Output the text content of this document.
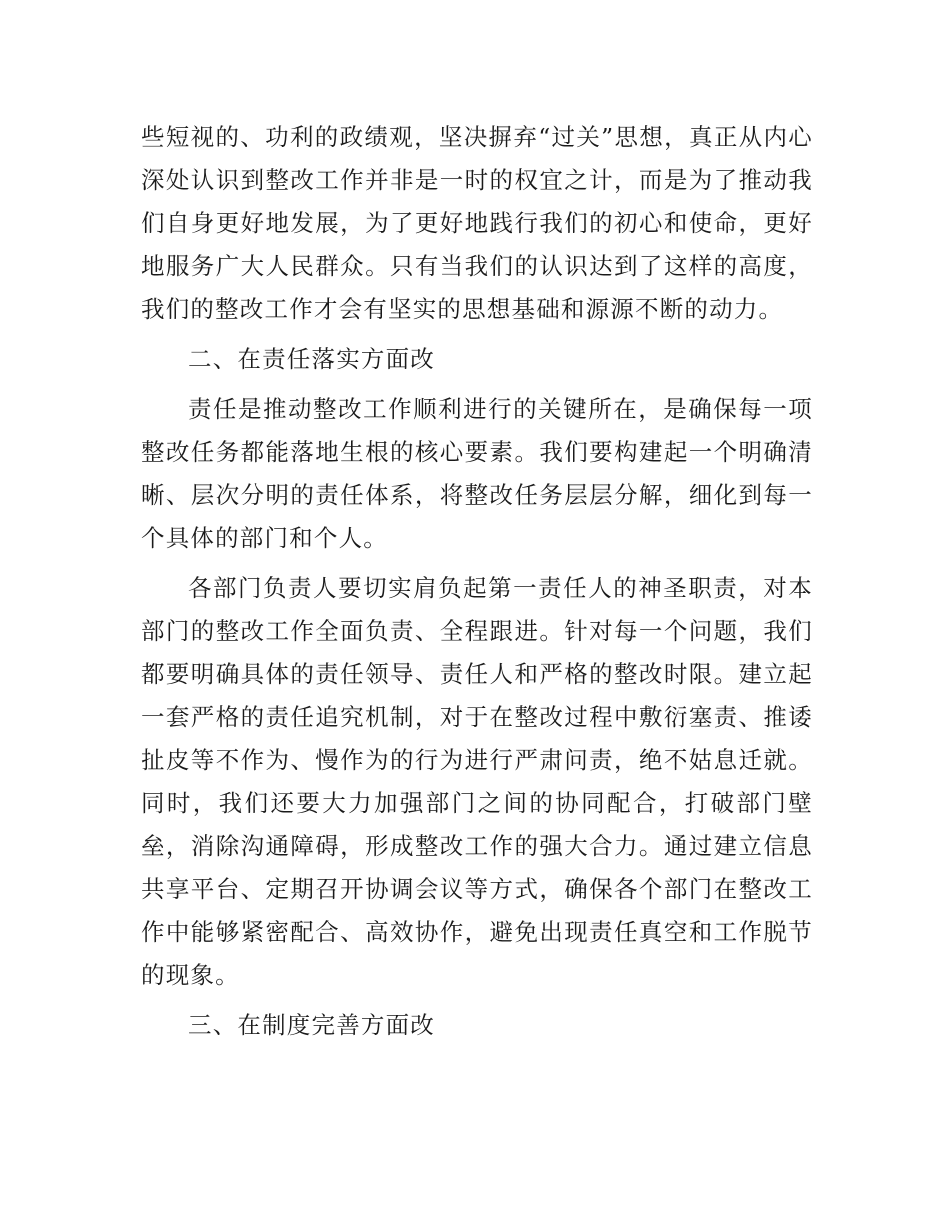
些短视的、功利的政绩观，坚决摒弃“过关”思想，真正从内心深处认识到整改工作并非是一时的权宜之计，而是为了推动我们自身更好地发展，为了更好地践行我们的初心和使命，更好地服务广大人民群众。只有当我们的认识达到了这样的高度，我们的整改工作才会有坚实的思想基础和源源不断的动力。

二、在责任落实方面改

责任是推动整改工作顺利进行的关键所在，是确保每一项整改任务都能落地生根的核心要素。我们要构建起一个明确清晰、层次分明的责任体系，将整改任务层层分解，细化到每一个具体的部门和个人。

各部门负责人要切实肩负起第一责任人的神圣职责，对本部门的整改工作全面负责、全程跟进。针对每一个问题，我们都要明确具体的责任领导、责任人和严格的整改时限。建立起一套严格的责任追究机制，对于在整改过程中敷衍塞责、推诿扯皮等不作为、慢作为的行为进行严肃问责，绝不姑息迁就。同时，我们还要大力加强部门之间的协同配合，打破部门壁垒，消除沟通障碍，形成整改工作的强大合力。通过建立信息共享平台、定期召开协调会议等方式，确保各个部门在整改工作中能够紧密配合、高效协作，避免出现责任真空和工作脱节的现象。

三、在制度完善方面改
